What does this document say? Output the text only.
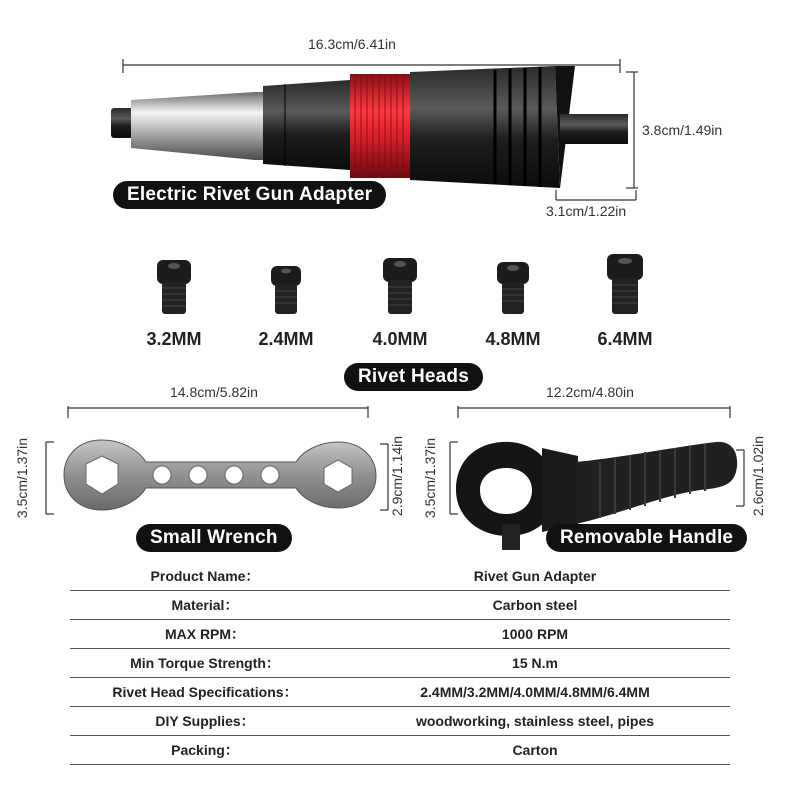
16.3cm/6.41in
3.8cm/1.49in
3.1cm/1.22in
Electric Rivet Gun Adapter
3.2MM	2.4MM	4.0MM	4.8MM	6.4MM
Rivet Heads
14.8cm/5.82in
3.5cm/1.37in	2.9cm/1.14in
Small Wrench
12.2cm/4.80in
3.5cm/1.37in	2.6cm/1.02in
Removable Handle
Product Name：	Rivet Gun Adapter
Material：	Carbon steel
MAX RPM：	1000 RPM
Min Torque Strength：	15 N.m
Rivet Head Specifications：	2.4MM/3.2MM/4.0MM/4.8MM/6.4MM
DIY Supplies：	woodworking, stainless steel, pipes
Packing：	Carton
